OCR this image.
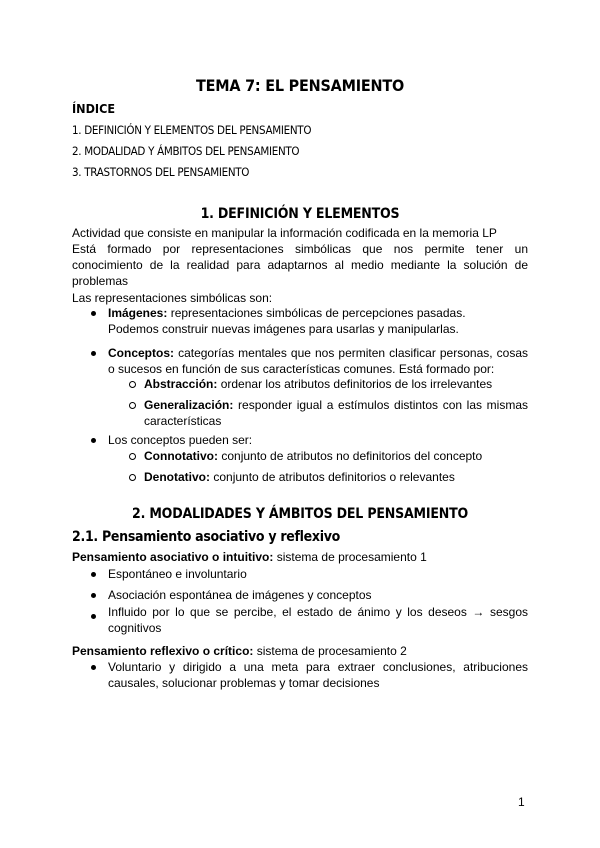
TEMA 7: EL PENSAMIENTO
ÍNDICE
1. DEFINICIÓN Y ELEMENTOS DEL PENSAMIENTO
2. MODALIDAD Y ÁMBITOS DEL PENSAMIENTO
3. TRASTORNOS DEL PENSAMIENTO
1. DEFINICIÓN Y ELEMENTOS
Actividad que consiste en manipular la información codificada en la memoria LP
Está formado por representaciones simbólicas que nos permite tener un conocimiento de la realidad para adaptarnos al medio mediante la solución de problemas
Las representaciones simbólicas son:
Imágenes: representaciones simbólicas de percepciones pasadas.
Podemos construir nuevas imágenes para usarlas y manipularlas.
Conceptos: categorías mentales que nos permiten clasificar personas, cosas o sucesos en función de sus características comunes. Está formado por:
Abstracción: ordenar los atributos definitorios de los irrelevantes
Generalización: responder igual a estímulos distintos con las mismas características
Los conceptos pueden ser:
Connotativo: conjunto de atributos no definitorios del concepto
Denotativo: conjunto de atributos definitorios o relevantes
2. MODALIDADES Y ÁMBITOS DEL PENSAMIENTO
2.1. Pensamiento asociativo y reflexivo
Pensamiento asociativo o intuitivo: sistema de procesamiento 1
Espontáneo e involuntario
Asociación espontánea de imágenes y conceptos
Influido por lo que se percibe, el estado de ánimo y los deseos → sesgos cognitivos
Pensamiento reflexivo o crítico: sistema de procesamiento 2
Voluntario y dirigido a una meta para extraer conclusiones, atribuciones causales, solucionar problemas y tomar decisiones
1
